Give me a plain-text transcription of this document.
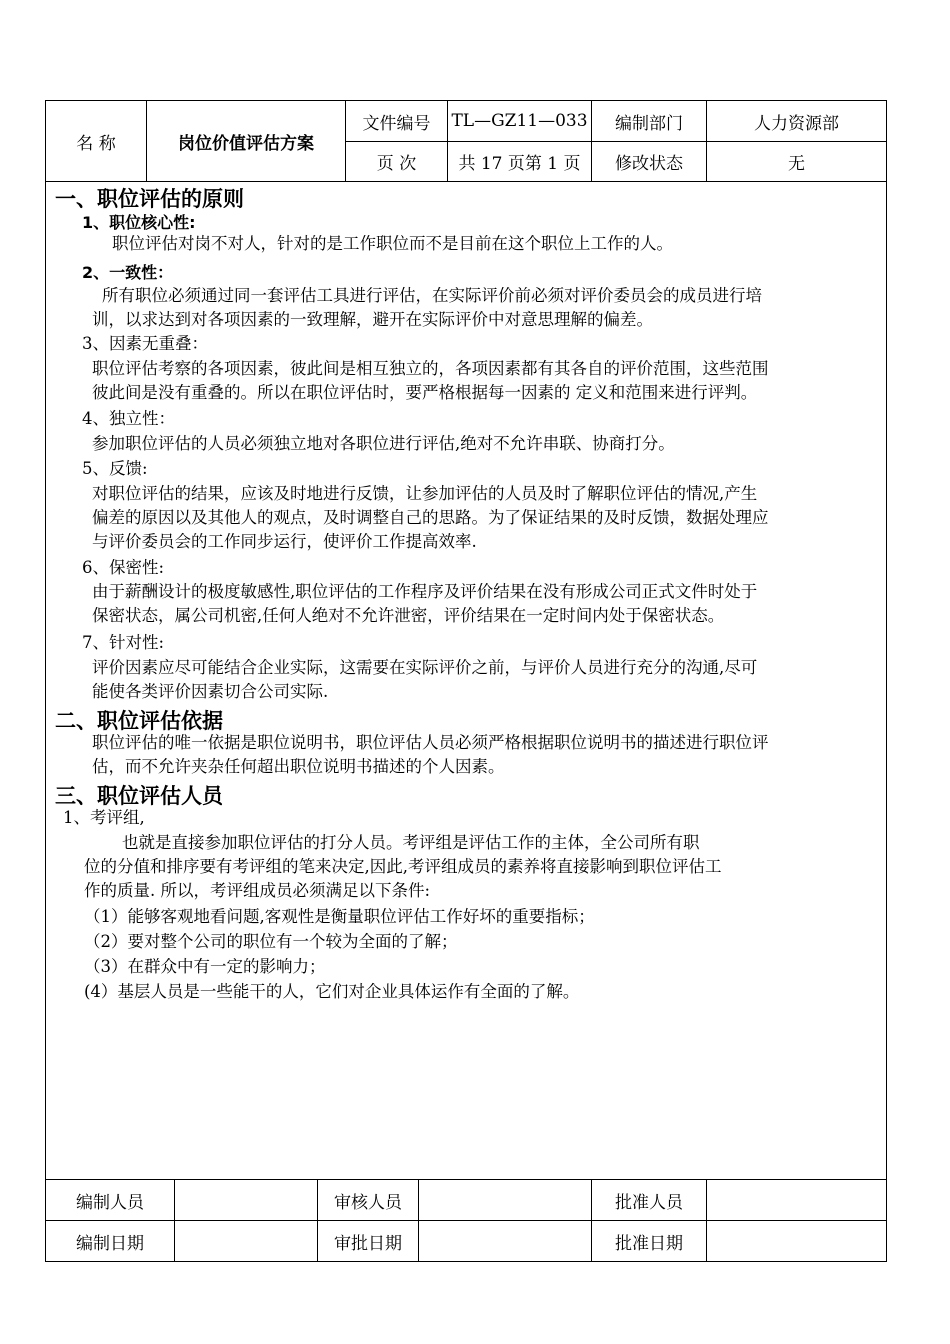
名 称	岗位价值评估方案
文件编号	TL—GZ11—033	编制部门	人力资源部
页 次	共 17 页第 1 页	修改状态	无
一、职位评估的原则
1、职位核心性:
职位评估对岗不对人，针对的是工作职位而不是目前在这个职位上工作的人。
2、一致性：
所有职位必须通过同一套评估工具进行评估，在实际评价前必须对评价委员会的成员进行培
训，以求达到对各项因素的一致理解，避开在实际评价中对意思理解的偏差。
3、因素无重叠：
职位评估考察的各项因素，彼此间是相互独立的，各项因素都有其各自的评价范围，这些范围
彼此间是没有重叠的。所以在职位评估时，要严格根据每一因素的 定义和范围来进行评判。
4、独立性：
参加职位评估的人员必须独立地对各职位进行评估,绝对不允许串联、协商打分。
5、反馈:
对职位评估的结果，应该及时地进行反馈，让参加评估的人员及时了解职位评估的情况,产生
偏差的原因以及其他人的观点，及时调整自己的思路。为了保证结果的及时反馈，数据处理应
与评价委员会的工作同步运行，使评价工作提高效率.
6、保密性:
由于薪酬设计的极度敏感性,职位评估的工作程序及评价结果在没有形成公司正式文件时处于
保密状态，属公司机密,任何人绝对不允许泄密，评价结果在一定时间内处于保密状态。
7、针对性:
评价因素应尽可能结合企业实际，这需要在实际评价之前，与评价人员进行充分的沟通,尽可
能使各类评价因素切合公司实际.
二、职位评估依据
职位评估的唯一依据是职位说明书，职位评估人员必须严格根据职位说明书的描述进行职位评
估，而不允许夹杂任何超出职位说明书描述的个人因素。
三、职位评估人员
1、考评组,
也就是直接参加职位评估的打分人员。考评组是评估工作的主体，全公司所有职
位的分值和排序要有考评组的笔来决定,因此,考评组成员的素养将直接影响到职位评估工
作的质量. 所以，考评组成员必须满足以下条件:
（1）能够客观地看问题,客观性是衡量职位评估工作好坏的重要指标；
（2）要对整个公司的职位有一个较为全面的了解；
（3）在群众中有一定的影响力；
(4）基层人员是一些能干的人，它们对企业具体运作有全面的了解。
编制人员	审核人员	批准人员
编制日期	审批日期	批准日期
